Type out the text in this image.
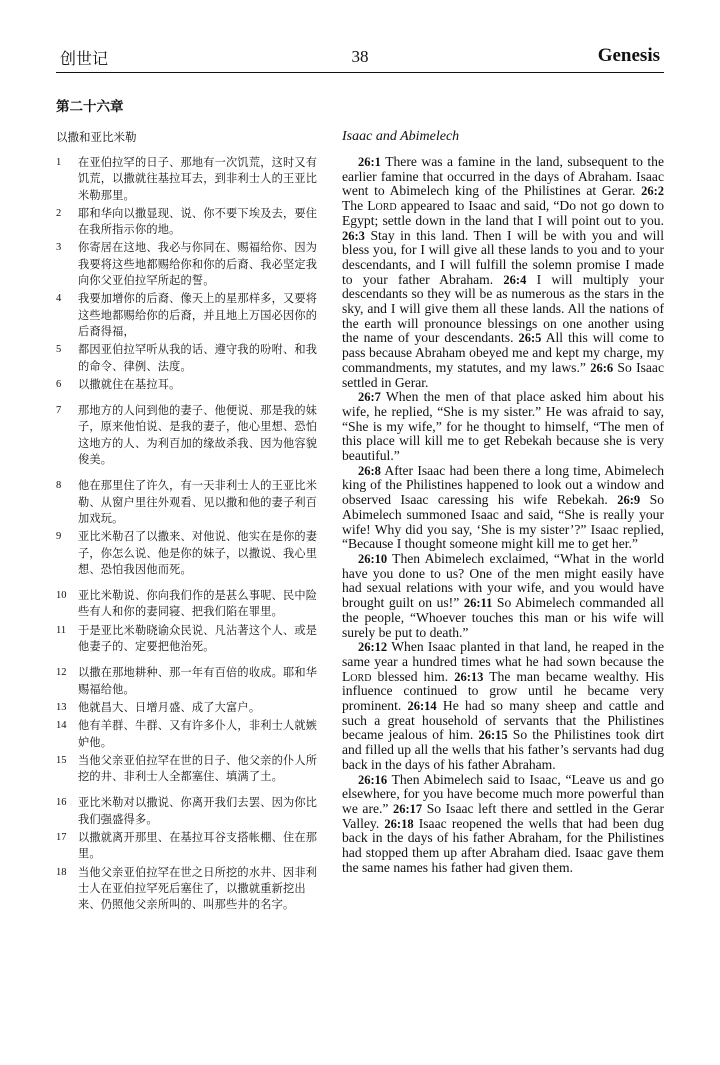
创世记	38	Genesis
第二十六章
以撒和亚比米勒
1	在亚伯拉罕的日子、那地有一次饥荒，这时又有饥荒，以撒就往基拉耳去，到非利士人的王亚比米勒那里。
2	耶和华向以撒显现、说、你不要下埃及去，要住在我所指示你的地。
3	你寄居在这地、我必与你同在、赐福给你、因为我要将这些地都赐给你和你的后裔、我必坚定我向你父亚伯拉罕所起的誓。
4	我要加增你的后裔、像天上的星那样多，又要将这些地都赐给你的后裔，并且地上万国必因你的后裔得福，
5	都因亚伯拉罕听从我的话、遵守我的吩咐、和我的命令、律例、法度。
6	以撒就住在基拉耳。
7	那地方的人问到他的妻子、他便说、那是我的妹子，原来他怕说、是我的妻子，他心里想、恐怕这地方的人、为利百加的缘故杀我、因为他容貌俊美。
8	他在那里住了许久，有一天非利士人的王亚比米勒、从窗户里往外观看、见以撒和他的妻子利百加戏玩。
9	亚比米勒召了以撒来、对他说、他实在是你的妻子，你怎么说、他是你的妹子，以撒说、我心里想、恐怕我因他而死。
10	亚比米勒说、你向我们作的是甚么事呢、民中险些有人和你的妻同寝、把我们陷在罪里。
11	于是亚比米勒晓谕众民说、凡沾著这个人、或是他妻子的、定要把他治死。
12	以撒在那地耕种、那一年有百倍的收成。耶和华赐福给他。
13	他就昌大、日增月盛、成了大富户。
14	他有羊群、牛群、又有许多仆人，非利士人就嫉妒他。
15	当他父亲亚伯拉罕在世的日子、他父亲的仆人所挖的井、非利士人全都塞住、填满了土。
16	亚比米勒对以撒说、你离开我们去罢、因为你比我们强盛得多。
17	以撒就离开那里、在基拉耳谷支搭帐棚、住在那里。
18	当他父亲亚伯拉罕在世之日所挖的水井、因非利士人在亚伯拉罕死后塞住了，以撒就重新挖出来、仍照他父亲所叫的、叫那些井的名字。
Isaac and Abimelech

26:1 There was a famine in the land, subsequent to the earlier famine that occurred in the days of Abraham. Isaac went to Abimelech king of the Philistines at Gerar. 26:2 The Lord appeared to Isaac and said, “Do not go down to Egypt; settle down in the land that I will point out to you. 26:3 Stay in this land. Then I will be with you and will bless you, for I will give all these lands to you and to your descendants, and I will fulfill the solemn promise I made to your father Abraham. 26:4 I will multiply your descendants so they will be as numerous as the stars in the sky, and I will give them all these lands. All the nations of the earth will pronounce blessings on one another using the name of your descendants. 26:5 All this will come to pass because Abraham obeyed me and kept my charge, my commandments, my statutes, and my laws.” 26:6 So Isaac settled in Gerar.

26:7 When the men of that place asked him about his wife, he replied, “She is my sister.” He was afraid to say, “She is my wife,” for he thought to himself, “The men of this place will kill me to get Rebekah because she is very beautiful.”

26:8 After Isaac had been there a long time, Abimelech king of the Philistines happened to look out a window and observed Isaac caressing his wife Rebekah. 26:9 So Abimelech summoned Isaac and said, “She is really your wife! Why did you say, ‘She is my sister’?” Isaac replied, “Because I thought someone might kill me to get her.”

26:10 Then Abimelech exclaimed, “What in the world have you done to us? One of the men might easily have had sexual relations with your wife, and you would have brought guilt on us!” 26:11 So Abimelech commanded all the people, “Whoever touches this man or his wife will surely be put to death.”

26:12 When Isaac planted in that land, he reaped in the same year a hundred times what he had sown because the Lord blessed him. 26:13 The man became wealthy. His influence continued to grow until he became very prominent. 26:14 He had so many sheep and cattle and such a great household of servants that the Philistines became jealous of him. 26:15 So the Philistines took dirt and filled up all the wells that his father’s servants had dug back in the days of his father Abraham.

26:16 Then Abimelech said to Isaac, “Leave us and go elsewhere, for you have become much more powerful than we are.” 26:17 So Isaac left there and settled in the Gerar Valley. 26:18 Isaac reopened the wells that had been dug back in the days of his father Abraham, for the Philistines had stopped them up after Abraham died. Isaac gave them the same names his father had given them.
